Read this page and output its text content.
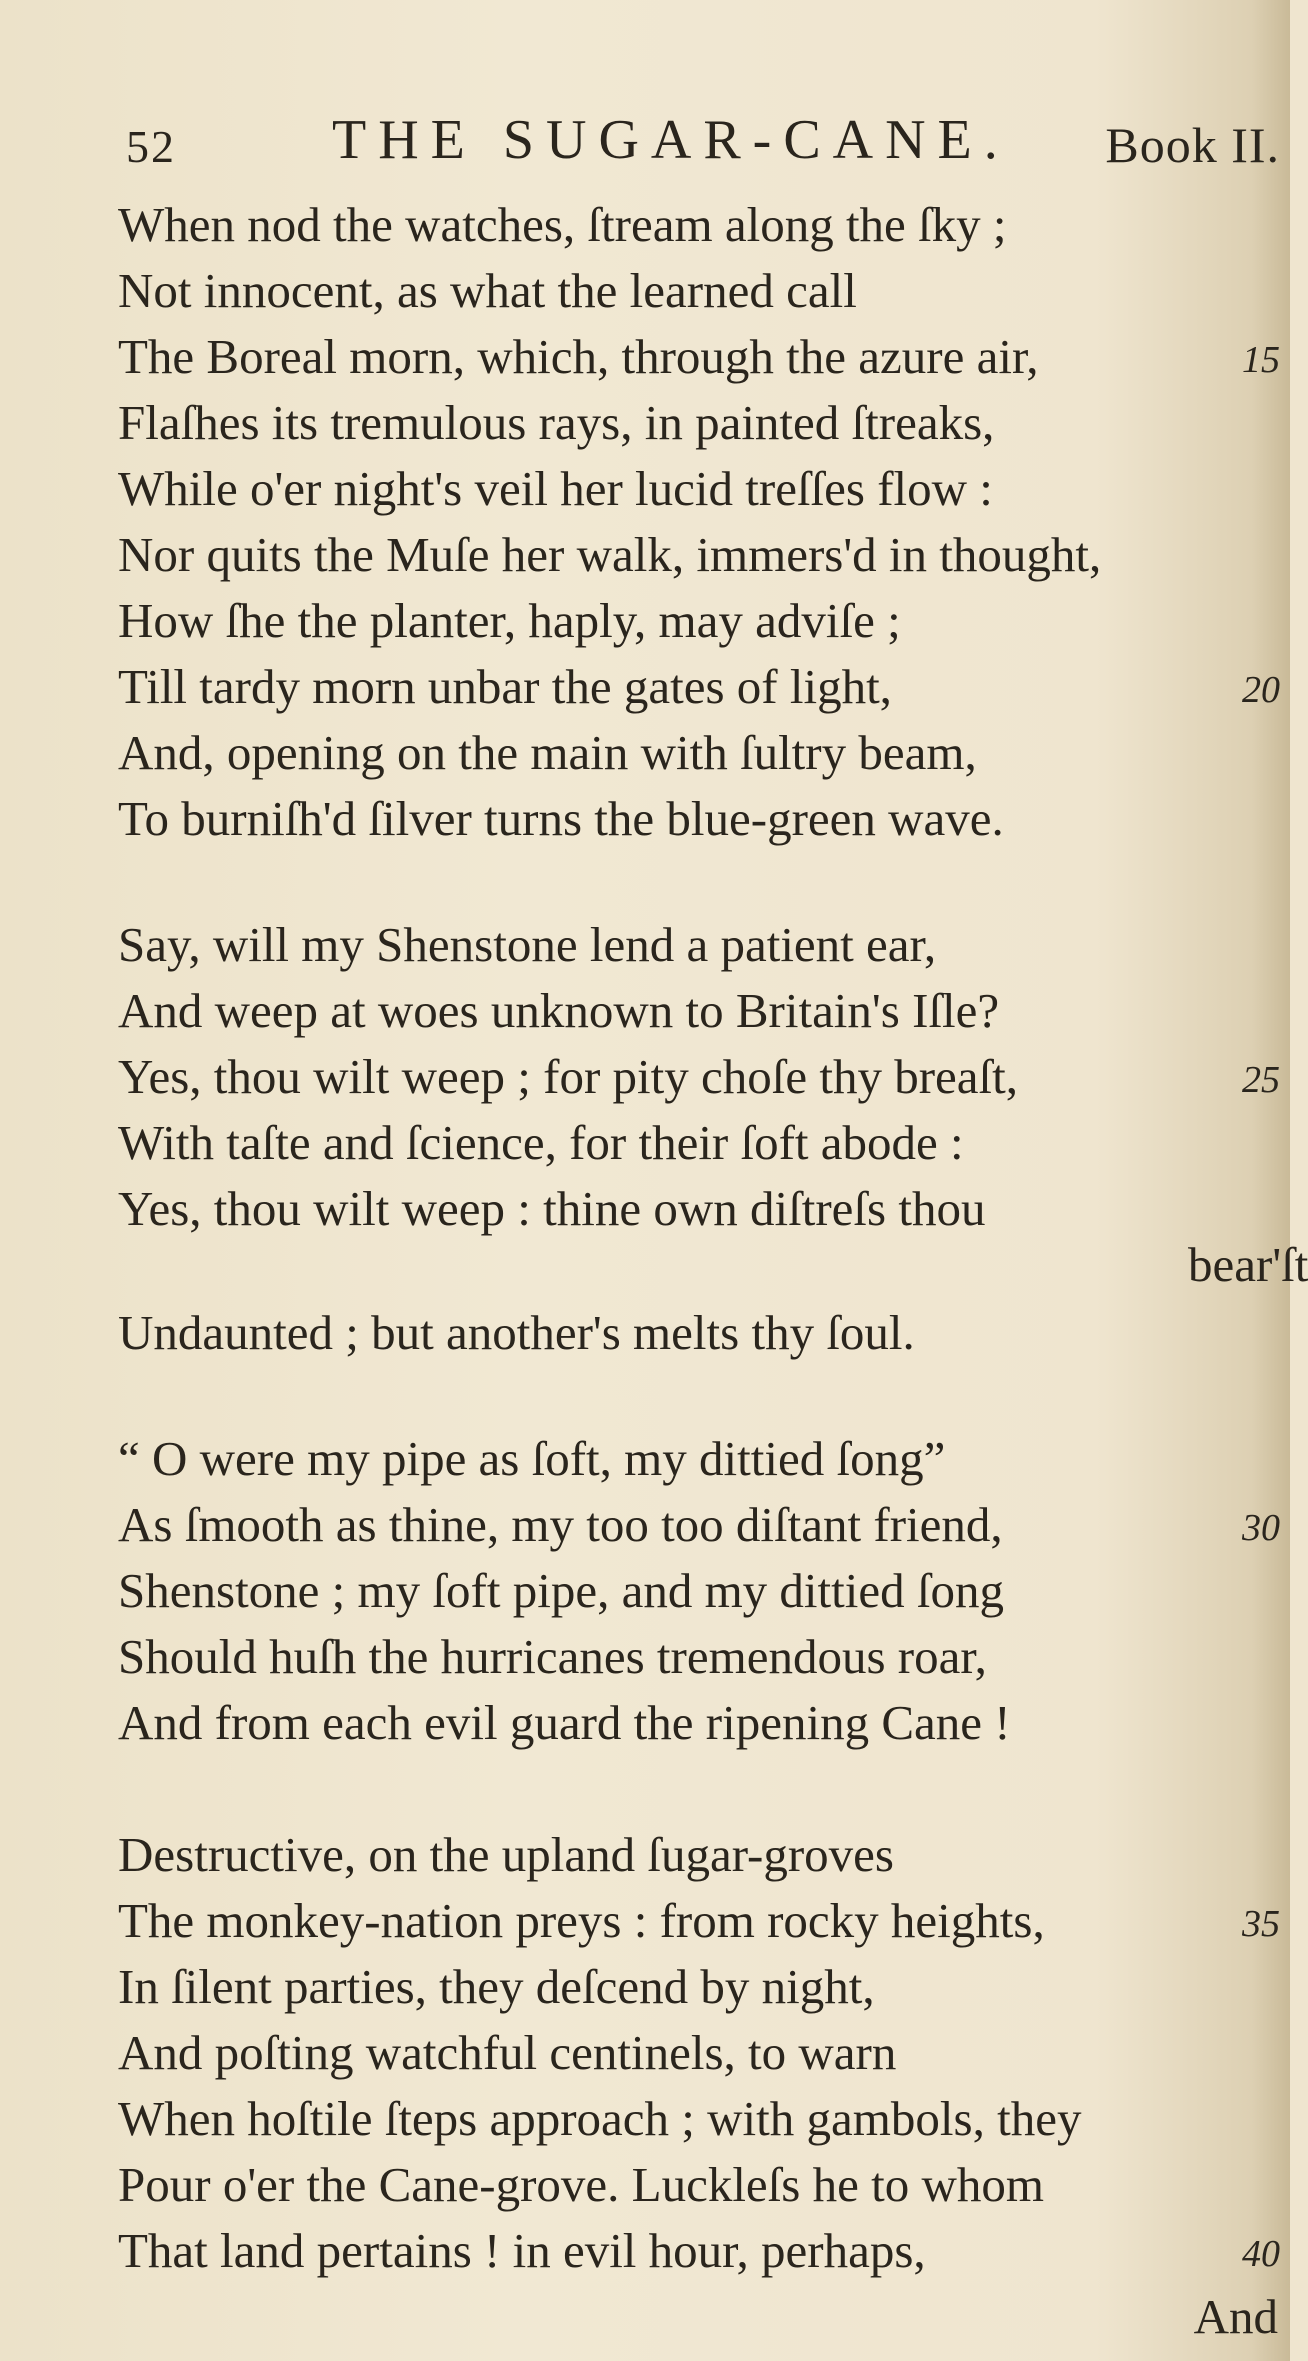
52	THE SUGAR-CANE. Book II.
When nod the watches, ſtream along the ſky ;
Not innocent, as what the learned call
The Boreal morn, which, through the azure air,	15
Flaſhes its tremulous rays, in painted ſtreaks,
While o'er night's veil her lucid treſſes flow :
Nor quits the Muſe her walk, immers'd in thought,
How ſhe the planter, haply, may adviſe ;
Till tardy morn unbar the gates of light,	20
And, opening on the main with ſultry beam,
To burniſh'd ſilver turns the blue-green wave.
Say, will my Shenstone lend a patient ear,
And weep at woes unknown to Britain's Iſle?
Yes, thou wilt weep ; for pity choſe thy breaſt,	25
With taſte and ſcience, for their ſoft abode :
Yes, thou wilt weep : thine own diſtreſs thou
bear'ſt
Undaunted ; but another's melts thy ſoul.
“ O were my pipe as ſoft, my dittied ſong”
As ſmooth as thine, my too too diſtant friend,	30
Shenstone ; my ſoft pipe, and my dittied ſong
Should huſh the hurricanes tremendous roar,
And from each evil guard the ripening Cane !
Destructive, on the upland ſugar-groves
The monkey-nation preys : from rocky heights,	35
In ſilent parties, they deſcend by night,
And poſting watchful centinels, to warn
When hoſtile ſteps approach ; with gambols, they
Pour o'er the Cane-grove. Luckleſs he to whom
That land pertains ! in evil hour, perhaps,	40
And
